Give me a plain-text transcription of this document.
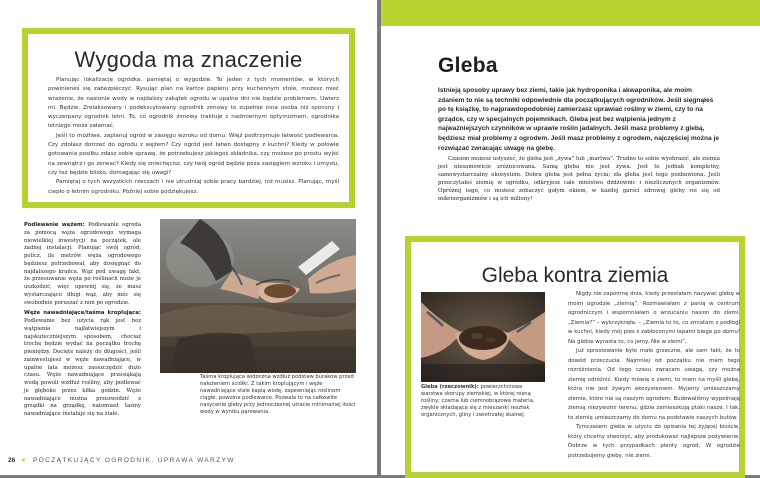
Wygoda ma znaczenie

Planując lokalizację ogródka, pamiętaj o wygodzie. To jeden z tych momentów, w których powinieneś się zabezpieczyć. Rysując plan na kartce papieru przy kuchennym stole, możesz mieć wrażenie, że nasionie wody w najdalszy zakątek ogrodu w upalne dni nie będzie problemem. Uwierz mi. Będzie. Zrelaksowany i podekscytowany ogrodnik zimowy to zupełnie inna osoba niż spocony i wyczerpany ogrodnik letni. To, co ogrodnik zimowy traktuje z nadmiernym optymizmem, ogrodnika letniego może załamać.

Jeśli to możliwe, zaplanuj ogród w zasięgu wzroku od domu. Więź podtrzymuje łatwość podlewania. Czy zdołasz dotrzeć do ogrodu z wężem? Czy ogród jest łatwo dostępny z kuchni? Kiedy w połowie gotowania posiłku zdasz sobie sprawę, że potrzebujesz jakiegoś składnika, czy możesz po prostu wyjść na zewnątrz i go zerwać? Kiedy się zniechęcisz, czy twój ogród będzie poza zasięgiem wzroku i umysłu, czy też będzie blisko, domagając się uwagi?

Pamiętaj o tych wszystkich rzeczach i nie utrudniaj sobie pracy bardziej, niż musisz. Planując, myśl ciepło o letnim ogrodniku. Później sobie podziękujesz.

Podlewanie wężem: Podlewanie ogroda za pomocą węża ogrodowego wymaga niewielkiej inwestycji na początek, ale żadnej instalacji. Planując swój ogród, policz, ile metrów węża ogrodowego będziesz potrzebował, aby dosięgnąć do najdalszego krańca. Wąż pod uwagę fakt, że przesuwanie węża po roślinach może je uszkodzić, więc upewnij się, że masz wystarczająco długi wąż, aby móc się swobodnie poruszać z nim po ogrodzie.

Węże nawadniające/taśma kroplująca: Podlewanie bez użycia rąk jest bez wątpienia najłatwiejszym i najskuteczniejszym sposobem, chociaż trochę będzie wydać na początku trochę pieniędzy. Docięte należy do długości, jeśli zainwestujesz w węże nawadniające, w upalne lata możesz zaoszczędzić dużo czasu. Węże nawadniające przesiąkają wodą powoli wzdłuż rośliny, aby podlewać je głęboko przez kilka godzin. Węże nawadniające można przezwodzić z grządki na grządkę, natomiast taśmy nawadniające instaluje się na stałe.

Taśma kroplująca widoczna wzdłuż podstaw buraków przed nałożeniem ściółki. Z takim kroplującym i węże nawadniające stale kapią wodę, zapewniając roślinom ciągłe, powolne podlewanie. Pozwala to na całkowite nasycenie gleby przy jednoczesnej utracie minimalnej ilości wody w wyniku parowania.
26 ♥ POCZĄTKUJĄCY OGRODNIK. UPRAWA WARZYW
Gleba
Istnieją sposoby uprawy bez ziemi, takie jak hydroponika i akwaponika, ale moim zdaniem to nie są techniki odpowiednie dla początkujących ogrodników. Jeśli sięgnąłeś po tę książkę, to najprawdopodobniej zamierzasz uprawiać rośliny w ziemi, czy to na grządce, czy w specjalnych pojemnikach. Gleba jest bez wątpienia jednym z najważniejszych czynników w uprawie roślin jadalnych. Jeśli masz problemy z glebą, będziesz miał problemy z ogrodem. Jeśli masz problemy z ogrodem, najczęściej można je rozwiązać zwracając uwagę na glebę.
Czasem możesz usłyszeć, że gleba jest „żywa” lub „martwa”. Trudno to sobie wyobrazić, ale ziemia jest niesamowicie zróżnicowana. Samą gleba nie jest żywa. Jest to jednak kompletny, samowystarczalny ekosystem. Dobra gleba jest pełna życia; zła gleba jest tego pozbawiona. Jeśli przeczytałeś ziemię w ogródku, odkryjesz całe mnóstwo dżdżownic i niezliczonych organizmów. Opróżnij tego, co możesz zobaczyć gołym okiem, w każdej garści zdrowej gleby roi się od mikroorganizmów i są ich miliony!
Gleba kontra ziemia
Gleba (rzeczownik): powierzchniowa warstwa skorupy ziemskiej, w której rosną rośliny; czarna lub ciemnobrązowa materia, zwykle składająca się z mieszanki resztek organicznych, gliny i zwietrzałej skalnej.

Nigdy nie zapomnę dnia, kiedy przestałam nazywać glebę w moim ogrodzie „ziemią”. Rozmawiałam z panią w centrum ogrodniczym i wspomniałam o wrzucaniu nasion do ziemi. „Ziemia?” – wykrzyknęła. – „Ziemia to to, co zmiatam z podłogi w kuchni, kiedy mój pies z zabłoconymi łapami biega po domu! Na glebie wyrasta to, co jemy. Nie w ziemi”.

Już sprostowanie było mało grzeczne, ale sam fakt, że to dowód przeczucia. Najmniej od początku nie mam tego rozróżnienia. Od tego czasu zwracam uwagę, czy można ziemię odróżnić. Kiedy mówię o ziemi, to mam na myśli glebę, która nie jest żywym ekosystemem. Myjemy umieszczamy ziemie, które nie są naszym ogrodem. Budowaliśmy wypełniają ziemią niezywotni terenu, gdzie zamieszkują ptaki nasze. I tak, to ziemię umieszczamy do domu na podstawie naszych butów.

Tymczasem gleba w użyciu do opisania tej żyjącej bioście, który chcemy stworzyć, aby produkować najlepsze pożywienie. Dobrze w tych przypadkach plenty ogród. W ogrodzie potrzebujemy gleby, nie ziemi.
